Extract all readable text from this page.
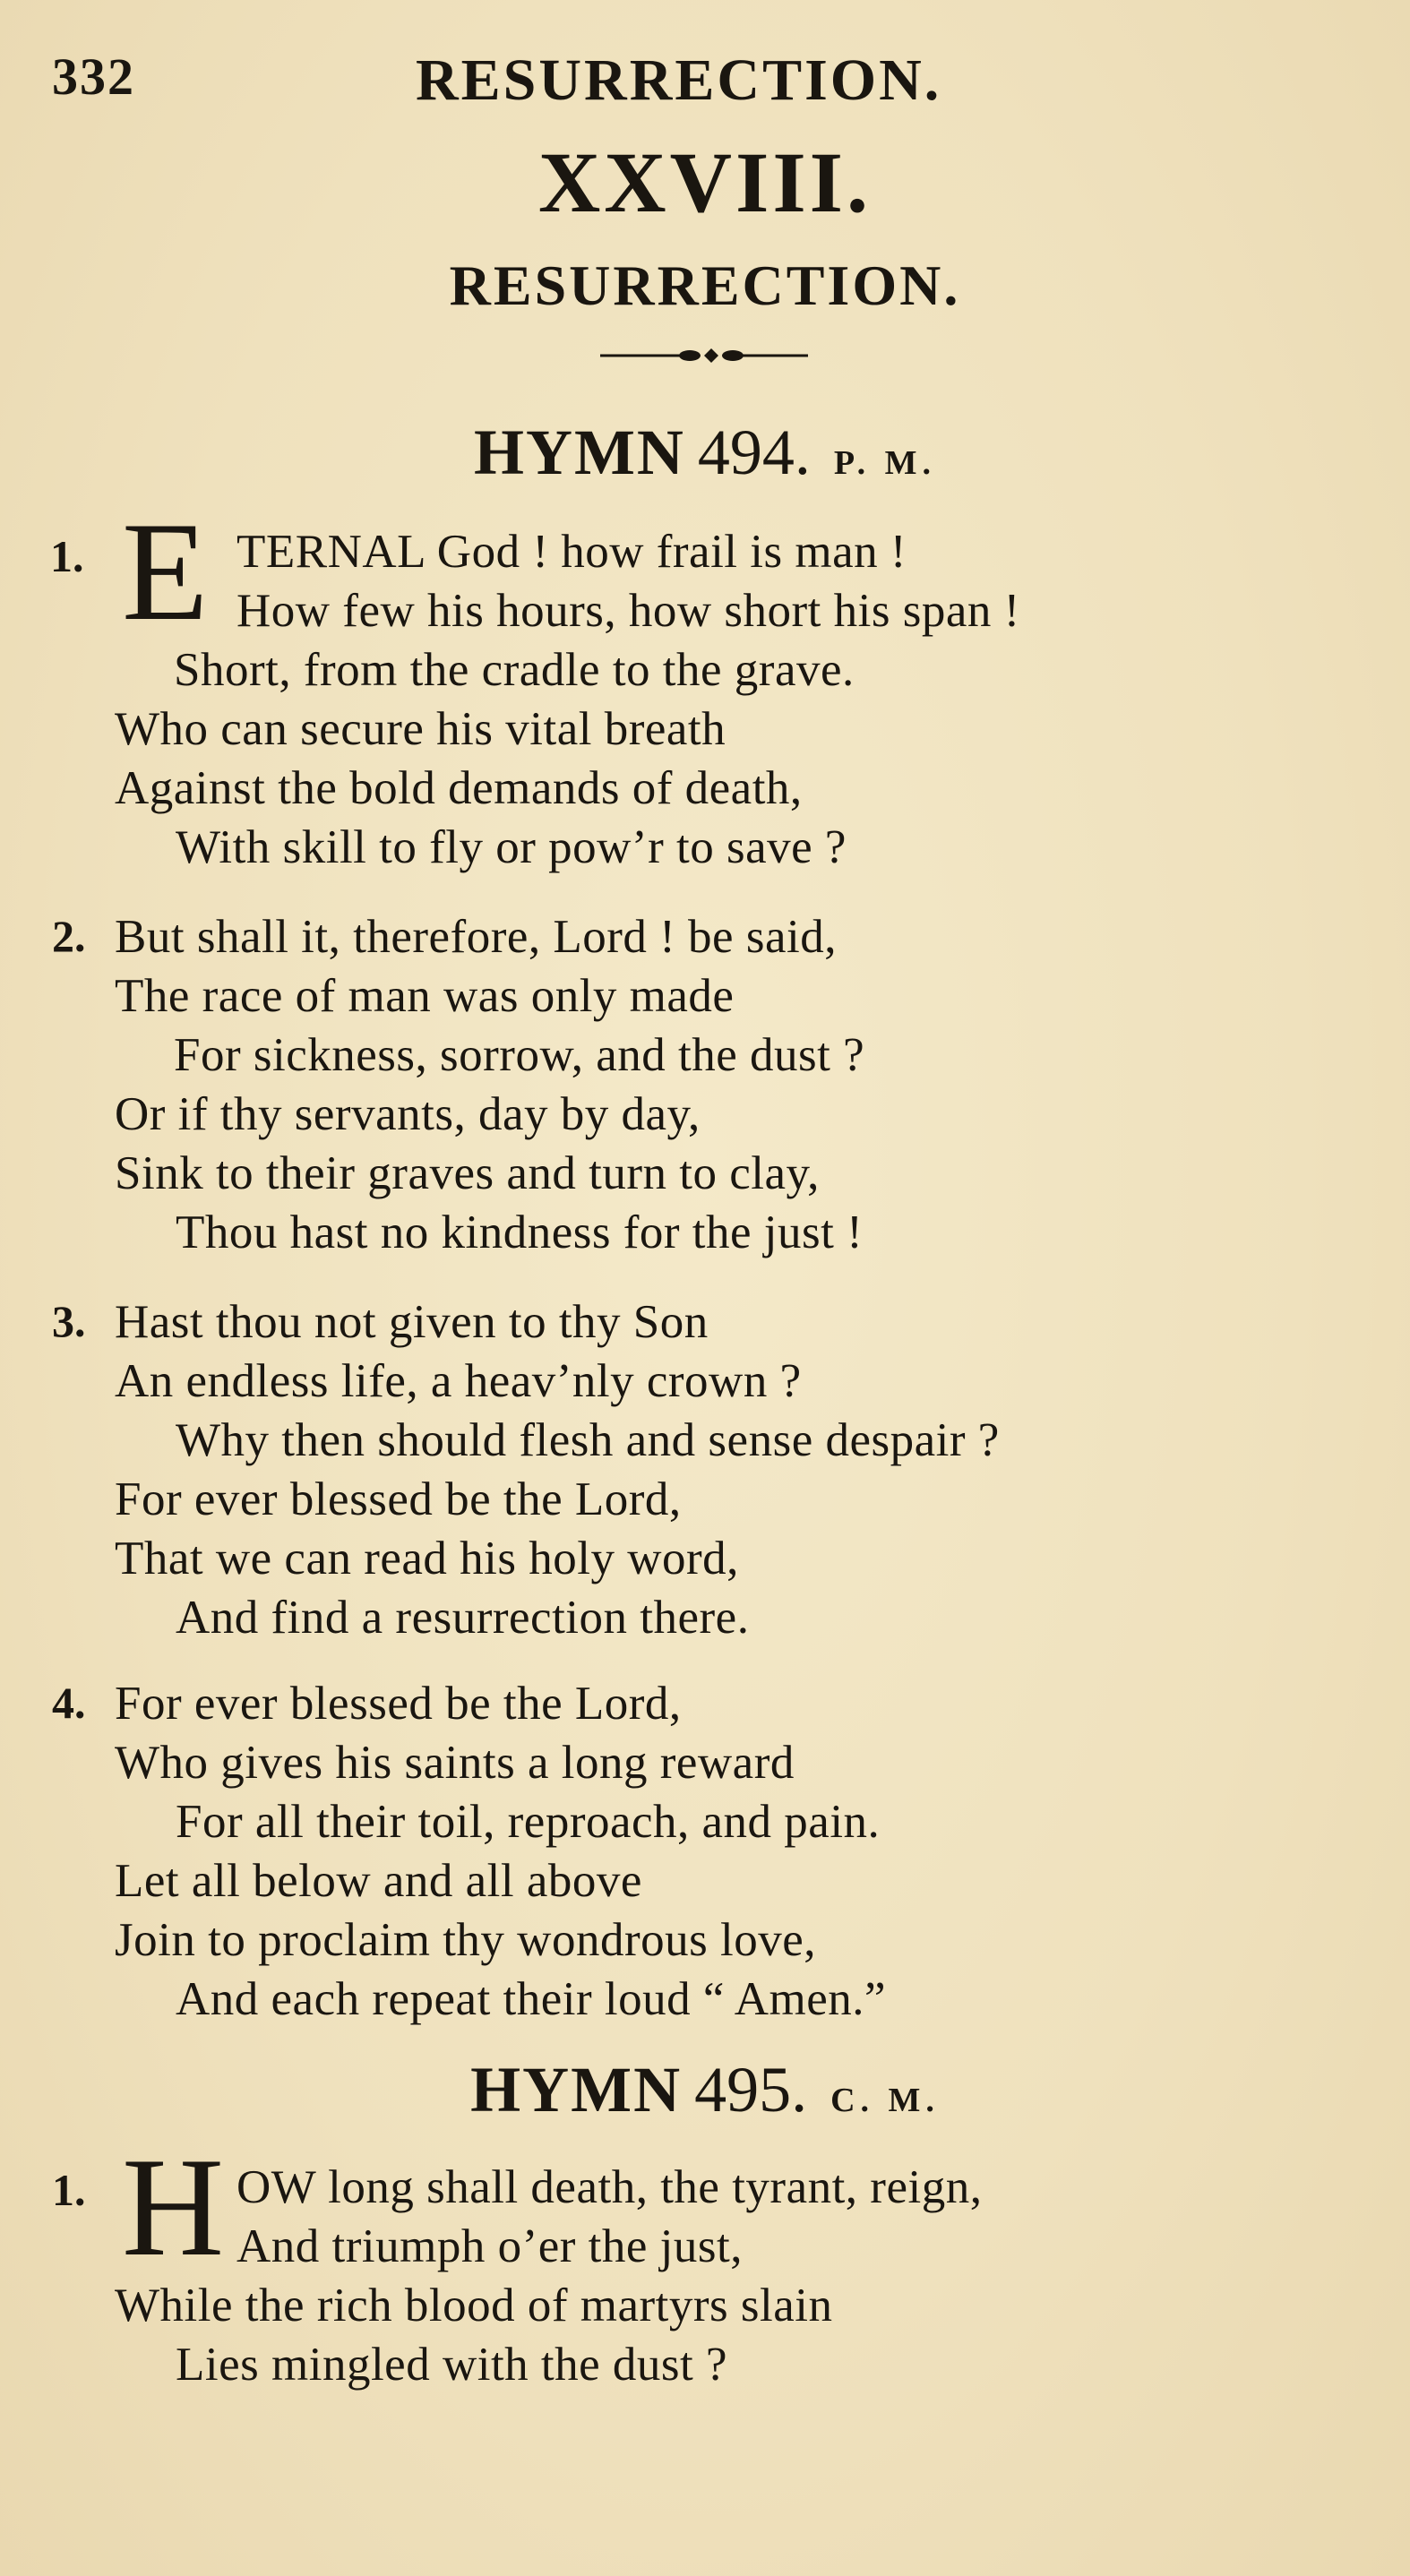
332	RESURRECTION.
XXVIII.
RESURRECTION.
HYMN 494. P. M.
1. E TERNAL God ! how frail is man !
How few his hours, how short his span !
Short, from the cradle to the grave.
Who can secure his vital breath
Against the bold demands of death,
With skill to fly or pow’r to save ?
2. But shall it, therefore, Lord ! be said,
The race of man was only made
For sickness, sorrow, and the dust ?
Or if thy servants, day by day,
Sink to their graves and turn to clay,
Thou hast no kindness for the just !
3. Hast thou not given to thy Son
An endless life, a heav’nly crown ?
Why then should flesh and sense despair ?
For ever blessed be the Lord,
That we can read his holy word,
And find a resurrection there.
4. For ever blessed be the Lord,
Who gives his saints a long reward
For all their toil, reproach, and pain.
Let all below and all above
Join to proclaim thy wondrous love,
And each repeat their loud “ Amen.”
HYMN 495. C. M.
1. H OW long shall death, the tyrant, reign,
And triumph o’er the just,
While the rich blood of martyrs slain
Lies mingled with the dust ?
